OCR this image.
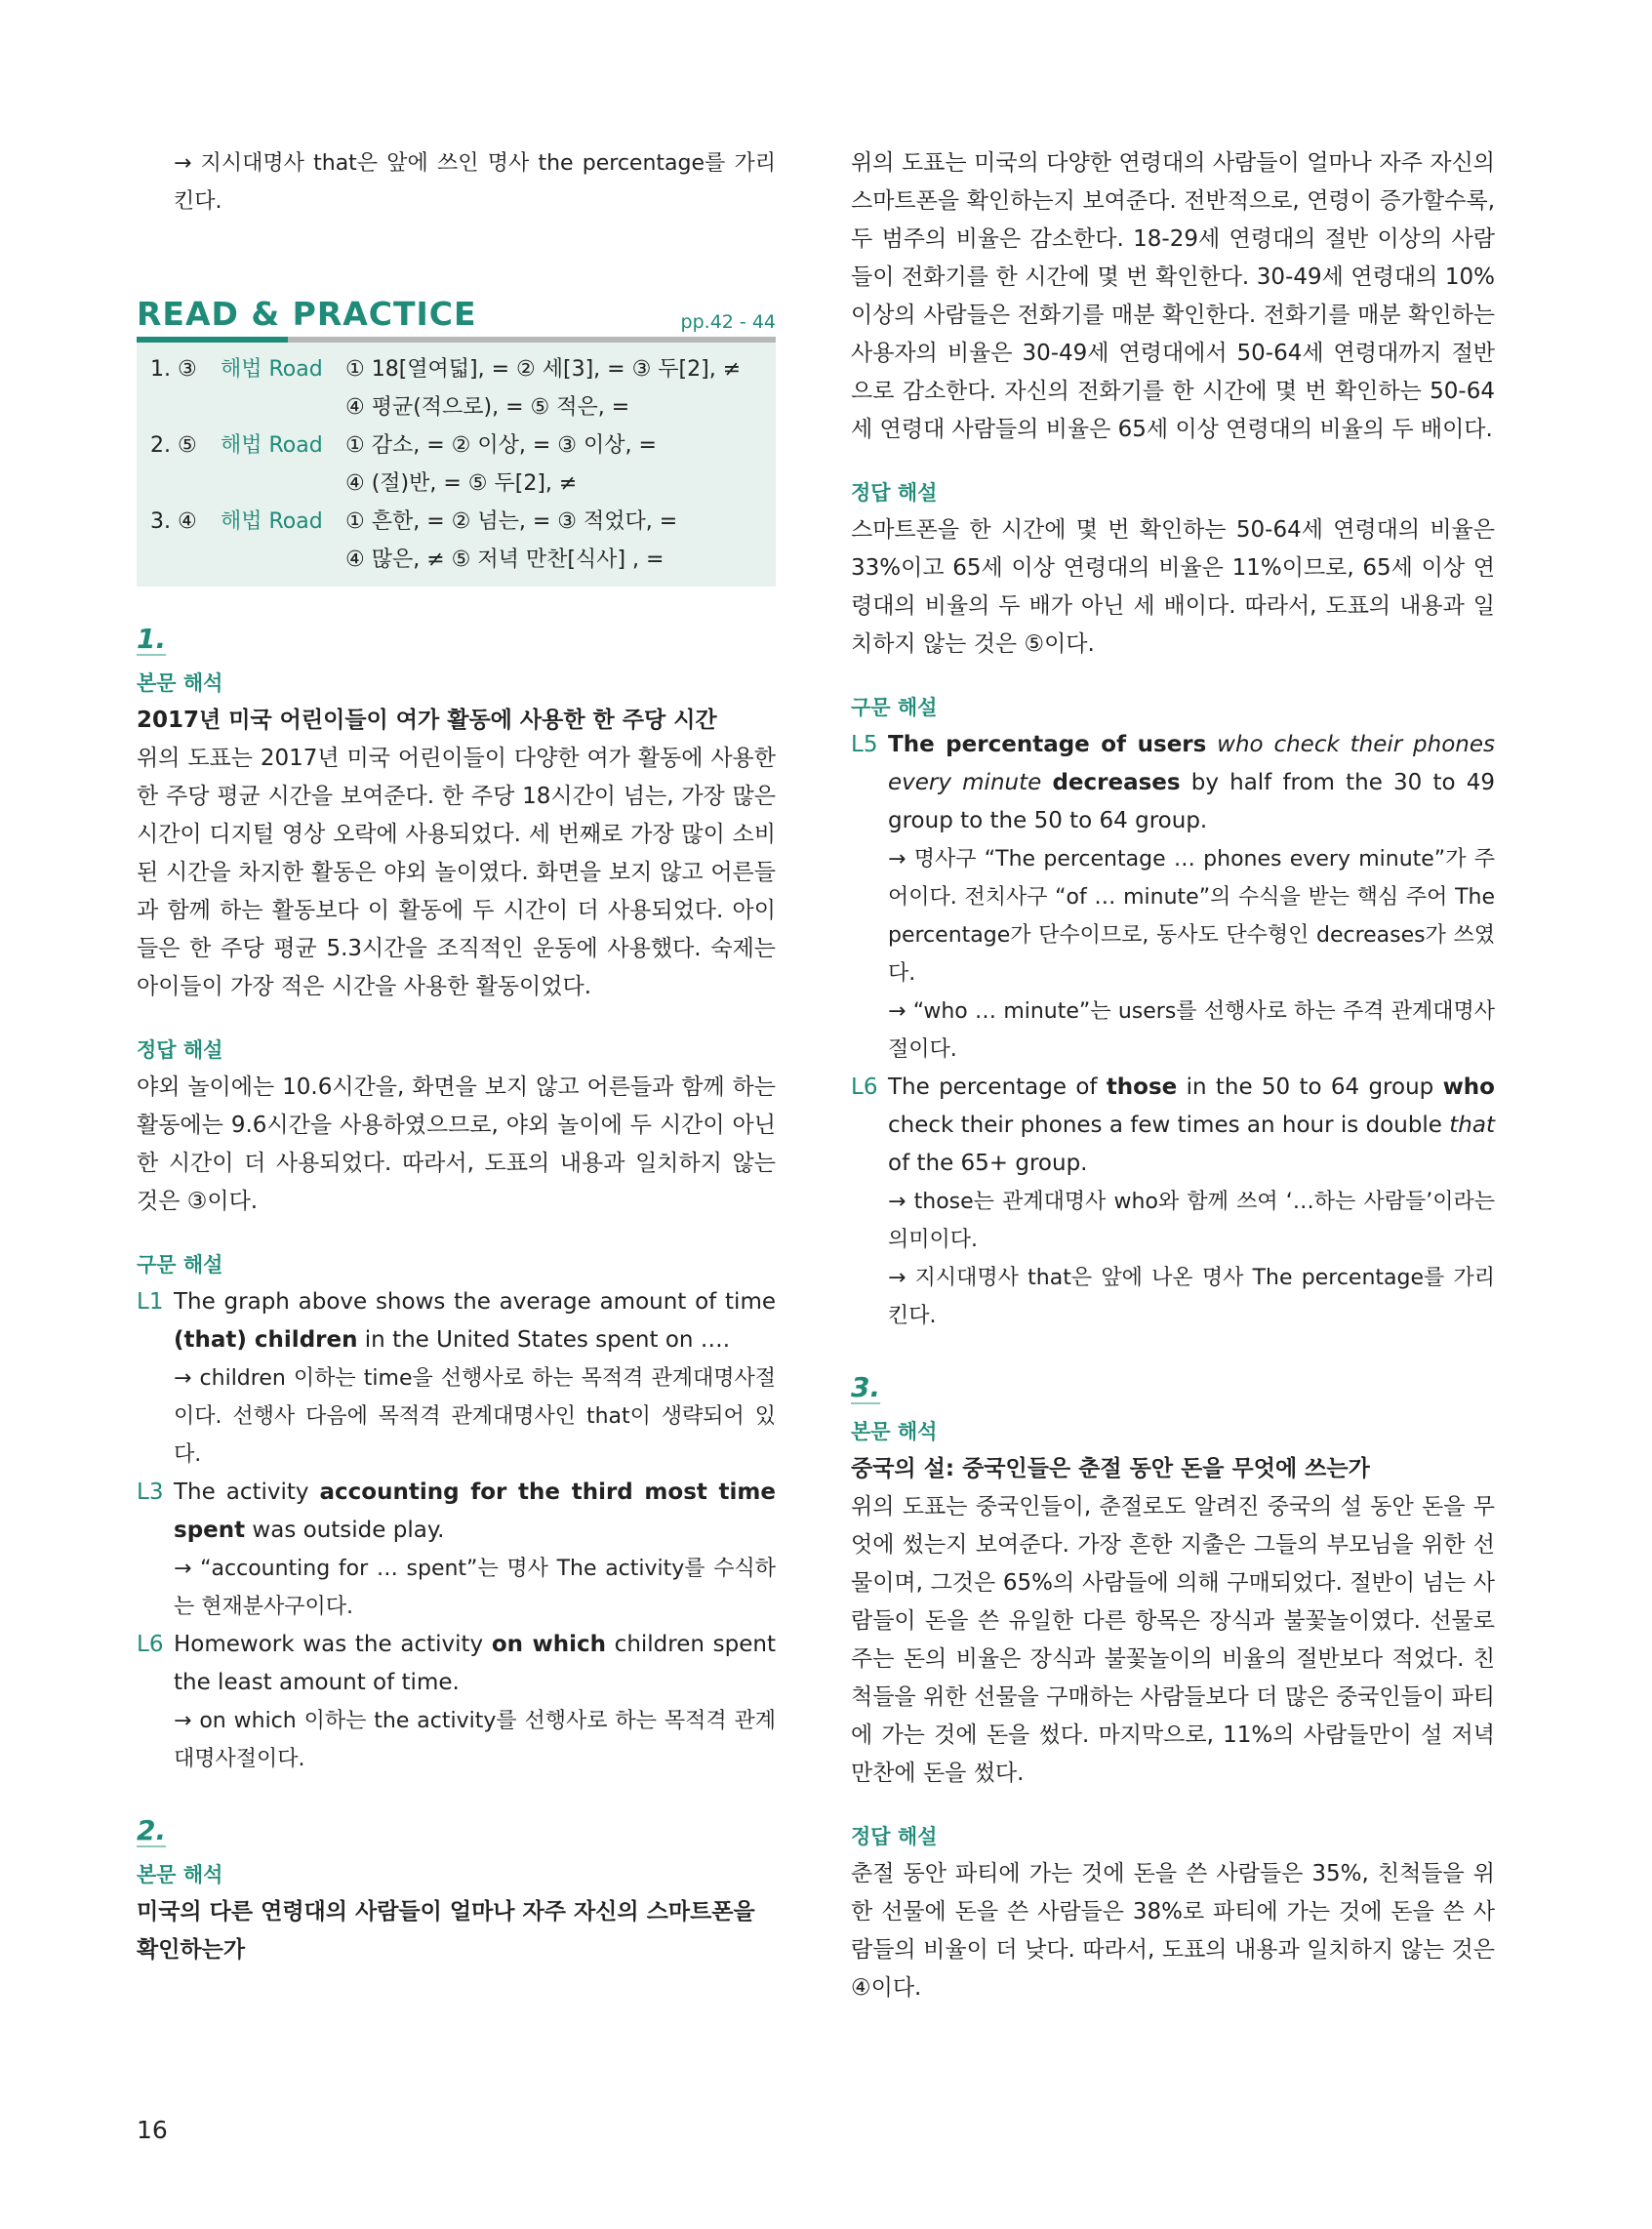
→ 지시대명사 that은 앞에 쓰인 명사 the percentage를 가리킨다.
READ & PRACTICE	pp.42 - 44
1. ③	해법 Road	① 18[열여덟], = ② 세[3], = ③ 두[2], ≠
④ 평균(적으로), = ⑤ 적은, =
2. ⑤	해법 Road	① 감소, = ② 이상, = ③ 이상, =
④ (절)반, = ⑤ 두[2], ≠
3. ④	해법 Road	① 흔한, = ② 넘는, = ③ 적었다, =
④ 많은, ≠ ⑤ 저녁 만찬[식사] , =
1.
본문 해석
2017년 미국 어린이들이 여가 활동에 사용한 한 주당 시간
위의 도표는 2017년 미국 어린이들이 다양한 여가 활동에 사용한 한 주당 평균 시간을 보여준다. 한 주당 18시간이 넘는, 가장 많은 시간이 디지털 영상 오락에 사용되었다. 세 번째로 가장 많이 소비된 시간을 차지한 활동은 야외 놀이였다. 화면을 보지 않고 어른들과 함께 하는 활동보다 이 활동에 두 시간이 더 사용되었다. 아이들은 한 주당 평균 5.3시간을 조직적인 운동에 사용했다. 숙제는 아이들이 가장 적은 시간을 사용한 활동이었다.
정답 해설
야외 놀이에는 10.6시간을, 화면을 보지 않고 어른들과 함께 하는 활동에는 9.6시간을 사용하였으므로, 야외 놀이에 두 시간이 아닌 한 시간이 더 사용되었다. 따라서, 도표의 내용과 일치하지 않는 것은 ③이다.
구문 해설
L1 The graph above shows the average amount of time (that) children in the United States spent on ….
→ children 이하는 time을 선행사로 하는 목적격 관계대명사절이다. 선행사 다음에 목적격 관계대명사인 that이 생략되어 있다.
L3 The activity accounting for the third most time spent was outside play.
→ “accounting for … spent”는 명사 The activity를 수식하는 현재분사구이다.
L6 Homework was the activity on which children spent the least amount of time.
→ on which 이하는 the activity를 선행사로 하는 목적격 관계대명사절이다.
2.
본문 해석
미국의 다른 연령대의 사람들이 얼마나 자주 자신의 스마트폰을 확인하는가
위의 도표는 미국의 다양한 연령대의 사람들이 얼마나 자주 자신의 스마트폰을 확인하는지 보여준다. 전반적으로, 연령이 증가할수록, 두 범주의 비율은 감소한다. 18-29세 연령대의 절반 이상의 사람들이 전화기를 한 시간에 몇 번 확인한다. 30-49세 연령대의 10% 이상의 사람들은 전화기를 매분 확인한다. 전화기를 매분 확인하는 사용자의 비율은 30-49세 연령대에서 50-64세 연령대까지 절반으로 감소한다. 자신의 전화기를 한 시간에 몇 번 확인하는 50-64세 연령대 사람들의 비율은 65세 이상 연령대의 비율의 두 배이다.
정답 해설
스마트폰을 한 시간에 몇 번 확인하는 50-64세 연령대의 비율은 33%이고 65세 이상 연령대의 비율은 11%이므로, 65세 이상 연령대의 비율의 두 배가 아닌 세 배이다. 따라서, 도표의 내용과 일치하지 않는 것은 ⑤이다.
구문 해설
L5 The percentage of users who check their phones every minute decreases by half from the 30 to 49 group to the 50 to 64 group.
→ 명사구 “The percentage … phones every minute”가 주어이다. 전치사구 “of … minute”의 수식을 받는 핵심 주어 The percentage가 단수이므로, 동사도 단수형인 decreases가 쓰였다.
→ “who … minute”는 users를 선행사로 하는 주격 관계대명사절이다.
L6 The percentage of those in the 50 to 64 group who check their phones a few times an hour is double that of the 65+ group.
→ those는 관계대명사 who와 함께 쓰여 ‘…하는 사람들’이라는 의미이다.
→ 지시대명사 that은 앞에 나온 명사 The percentage를 가리킨다.
3.
본문 해석
중국의 설: 중국인들은 춘절 동안 돈을 무엇에 쓰는가
위의 도표는 중국인들이, 춘절로도 알려진 중국의 설 동안 돈을 무엇에 썼는지 보여준다. 가장 흔한 지출은 그들의 부모님을 위한 선물이며, 그것은 65%의 사람들에 의해 구매되었다. 절반이 넘는 사람들이 돈을 쓴 유일한 다른 항목은 장식과 불꽃놀이였다. 선물로 주는 돈의 비율은 장식과 불꽃놀이의 비율의 절반보다 적었다. 친척들을 위한 선물을 구매하는 사람들보다 더 많은 중국인들이 파티에 가는 것에 돈을 썼다. 마지막으로, 11%의 사람들만이 설 저녁 만찬에 돈을 썼다.
정답 해설
춘절 동안 파티에 가는 것에 돈을 쓴 사람들은 35%, 친척들을 위한 선물에 돈을 쓴 사람들은 38%로 파티에 가는 것에 돈을 쓴 사람들의 비율이 더 낮다. 따라서, 도표의 내용과 일치하지 않는 것은 ④이다.
16
